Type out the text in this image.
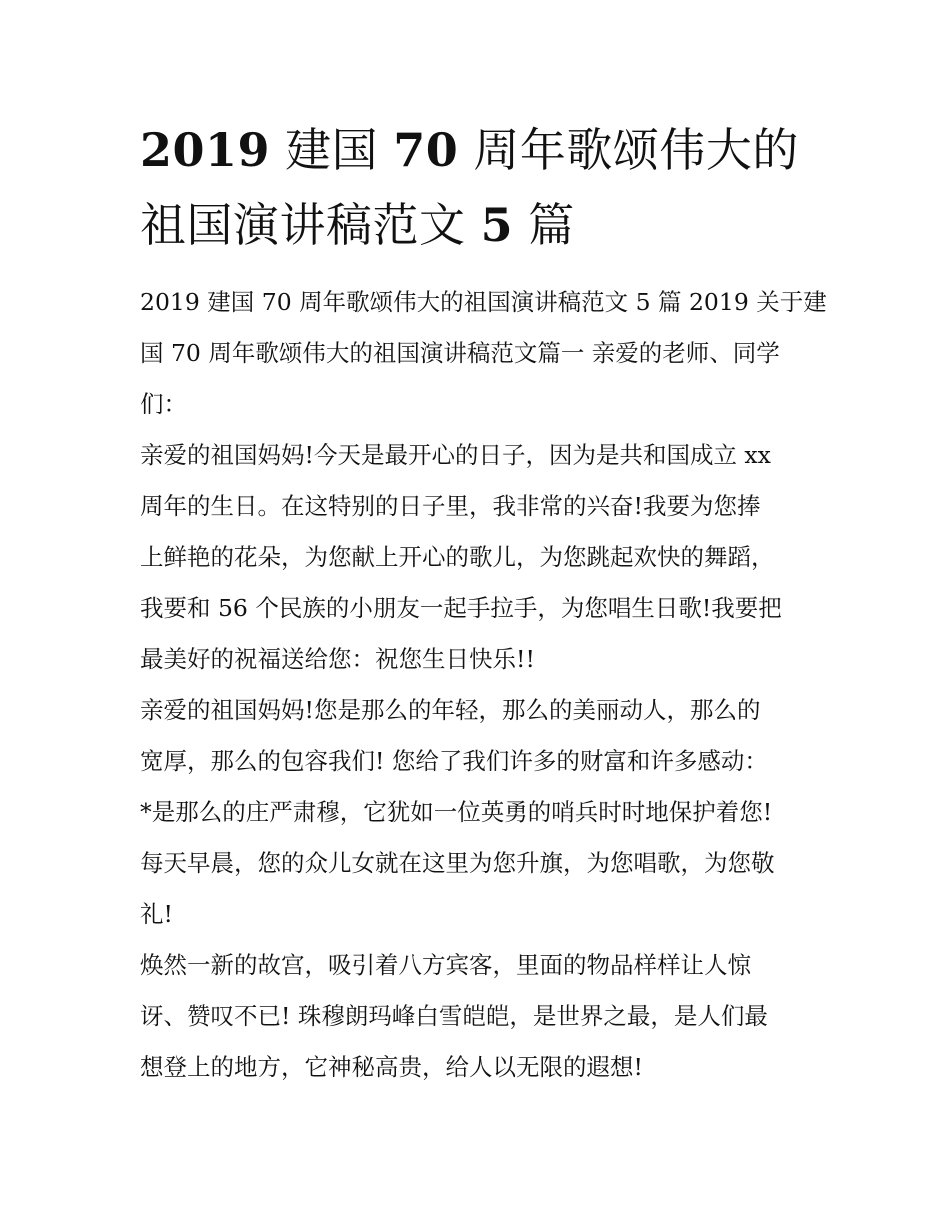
2019 建国 70 周年歌颂伟大的
祖国演讲稿范文 5 篇
2019 建国 70 周年歌颂伟大的祖国演讲稿范文 5 篇 2019 关于建
国 70 周年歌颂伟大的祖国演讲稿范文篇一 亲爱的老师、同学
们：
亲爱的祖国妈妈!今天是最开心的日子，因为是共和国成立 xx
周年的生日。在这特别的日子里，我非常的兴奋!我要为您捧
上鲜艳的花朵，为您献上开心的歌儿，为您跳起欢快的舞蹈，
我要和 56 个民族的小朋友一起手拉手，为您唱生日歌!我要把
最美好的祝福送给您：祝您生日快乐!!
亲爱的祖国妈妈!您是那么的年轻，那么的美丽动人，那么的
宽厚，那么的包容我们! 您给了我们许多的财富和许多感动：
*是那么的庄严肃穆，它犹如一位英勇的哨兵时时地保护着您!
每天早晨，您的众儿女就在这里为您升旗，为您唱歌，为您敬
礼!
焕然一新的故宫，吸引着八方宾客，里面的物品样样让人惊
讶、赞叹不已! 珠穆朗玛峰白雪皑皑，是世界之最，是人们最
想登上的地方，它神秘高贵，给人以无限的遐想!
